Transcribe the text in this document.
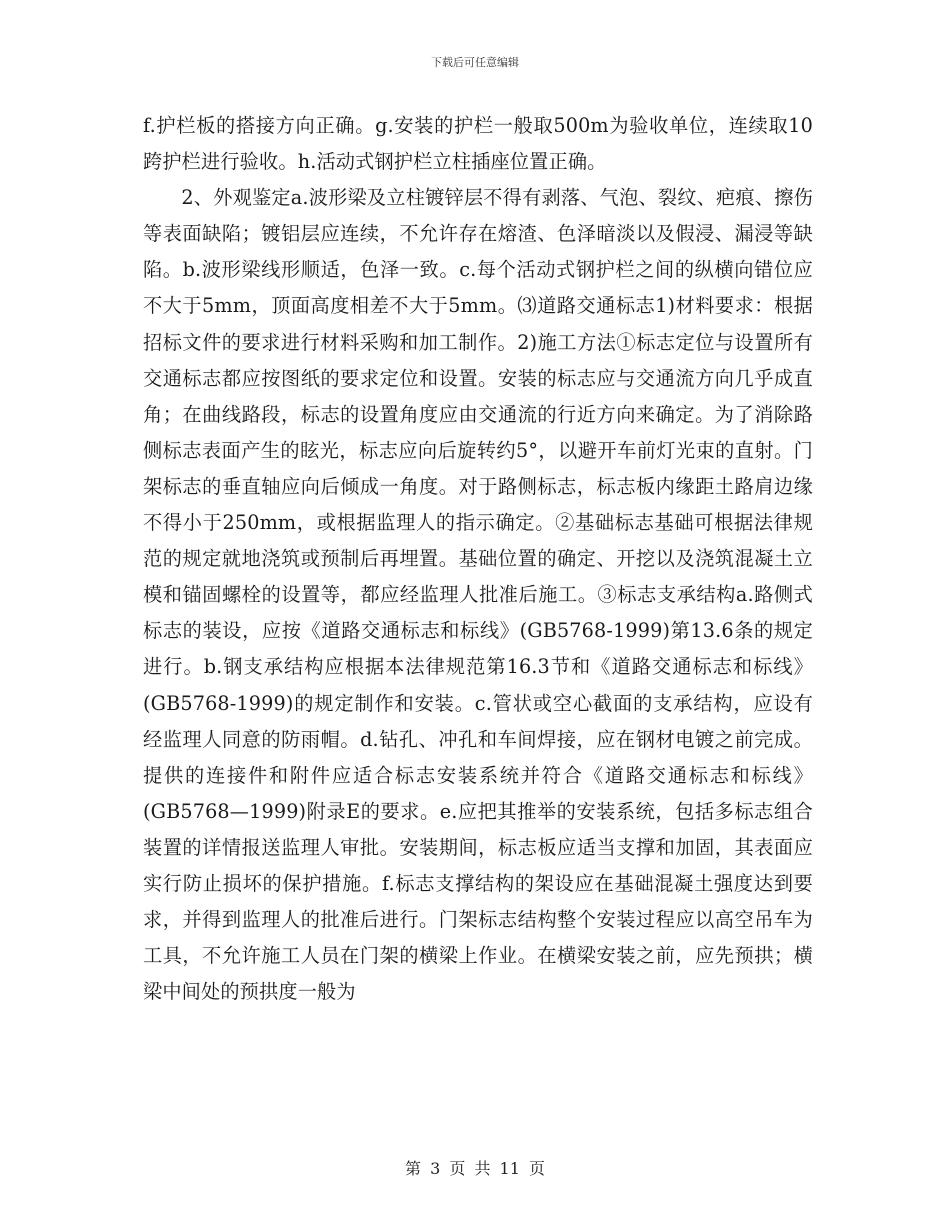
下载后可任意编辑

f.护栏板的搭接方向正确。g.安装的护栏一般取500m为验收单位，连续取10跨护栏进行验收。h.活动式钢护栏立柱插座位置正确。

2、外观鉴定a.波形梁及立柱镀锌层不得有剥落、气泡、裂纹、疤痕、擦伤等表面缺陷；镀铝层应连续，不允许存在熔渣、色泽暗淡以及假浸、漏浸等缺陷。b.波形梁线形顺适，色泽一致。c.每个活动式钢护栏之间的纵横向错位应不大于5mm，顶面高度相差不大于5mm。⑶道路交通标志1)材料要求：根据招标文件的要求进行材料采购和加工制作。2)施工方法①标志定位与设置所有交通标志都应按图纸的要求定位和设置。安装的标志应与交通流方向几乎成直角；在曲线路段，标志的设置角度应由交通流的行近方向来确定。为了消除路侧标志表面产生的眩光，标志应向后旋转约5°，以避开车前灯光束的直射。门架标志的垂直轴应向后倾成一角度。对于路侧标志，标志板内缘距土路肩边缘不得小于250mm，或根据监理人的指示确定。②基础标志基础可根据法律规范的规定就地浇筑或预制后再埋置。基础位置的确定、开挖以及浇筑混凝土立模和锚固螺栓的设置等，都应经监理人批准后施工。③标志支承结构a.路侧式标志的装设，应按《道路交通标志和标线》(GB5768-1999)第13.6条的规定进行。b.钢支承结构应根据本法律规范第16.3节和《道路交通标志和标线》(GB5768-1999)的规定制作和安装。c.管状或空心截面的支承结构，应设有经监理人同意的防雨帽。d.钻孔、冲孔和车间焊接，应在钢材电镀之前完成。提供的连接件和附件应适合标志安装系统并符合《道路交通标志和标线》(GB5768—1999)附录E的要求。e.应把其推举的安装系统，包括多标志组合装置的详情报送监理人审批。安装期间，标志板应适当支撑和加固，其表面应实行防止损坏的保护措施。f.标志支撑结构的架设应在基础混凝土强度达到要求，并得到监理人的批准后进行。门架标志结构整个安装过程应以高空吊车为工具，不允许施工人员在门架的横梁上作业。在横梁安装之前，应先预拱；横梁中间处的预拱度一般为

第 3 页 共 11 页
